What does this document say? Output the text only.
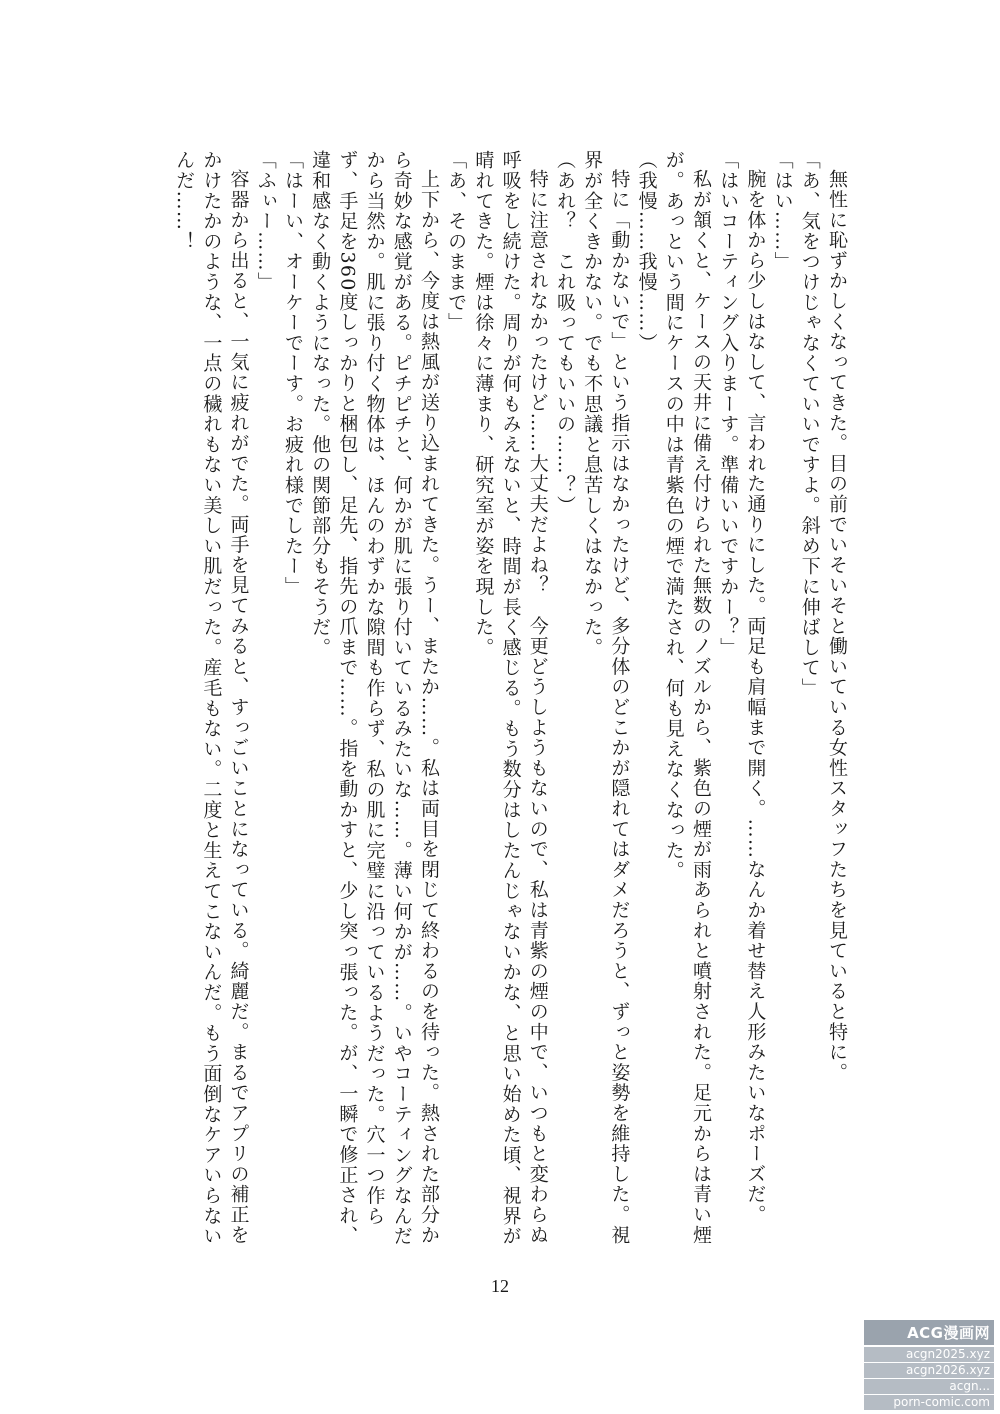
無性に恥ずかしくなってきた。目の前でいそいそと働いている女性スタッフたちを見ていると特に。

「あ、気をつけじゃなくていいですよ。斜め下に伸ばして」

「はい……」

腕を体から少しはなして、言われた通りにした。両足も肩幅まで開く。……なんか着せ替え人形みたいなポーズだ。

「はいコーティング入りまーす。準備いいですかー？」

私が頷くと、ケースの天井に備え付けられた無数のノズルから、紫色の煙が雨あられと噴射された。足元からは青い煙が。あっという間にケースの中は青紫色の煙で満たされ、何も見えなくなった。

（我慢……我慢……）

特に「動かないで」という指示はなかったけど、多分体のどこかが隠れてはダメだろうと、ずっと姿勢を維持した。視界が全くきかない。でも不思議と息苦しくはなかった。

（あれ？　これ吸ってもいいの……？）

特に注意されなかったけど……大丈夫だよね？　今更どうしようもないので、私は青紫の煙の中で、いつもと変わらぬ呼吸をし続けた。周りが何もみえないと、時間が長く感じる。もう数分はしたんじゃないかな、と思い始めた頃、視界が晴れてきた。煙は徐々に薄まり、研究室が姿を現した。

「あ、そのままで」

上下から、今度は熱風が送り込まれてきた。うー、またか……。私は両目を閉じて終わるのを待った。熱された部分から奇妙な感覚がある。ピチピチと、何かが肌に張り付いているみたいな……。薄い何かが……。いやコーティングなんだから当然か。肌に張り付く物体は、ほんのわずかな隙間も作らず、私の肌に完璧に沿っているようだった。穴一つ作らず、手足を360度しっかりと梱包し、足先、指先の爪まで……。指を動かすと、少し突っ張った。が、一瞬で修正され、違和感なく動くようになった。他の関節部分もそうだ。

「はーい、オーケーでーす。お疲れ様でしたー」

「ふぃー……」

容器から出ると、一気に疲れがでた。両手を見てみると、すっごいことになっている。綺麗だ。まるでアプリの補正をかけたかのような、一点の穢れもない美しい肌だった。産毛もない。二度と生えてこないんだ。もう面倒なケアいらないんだ……！

12
ACG漫画网
acgn2025.xyz
acgn2026.xyz
acgn...
porn-comic.com
